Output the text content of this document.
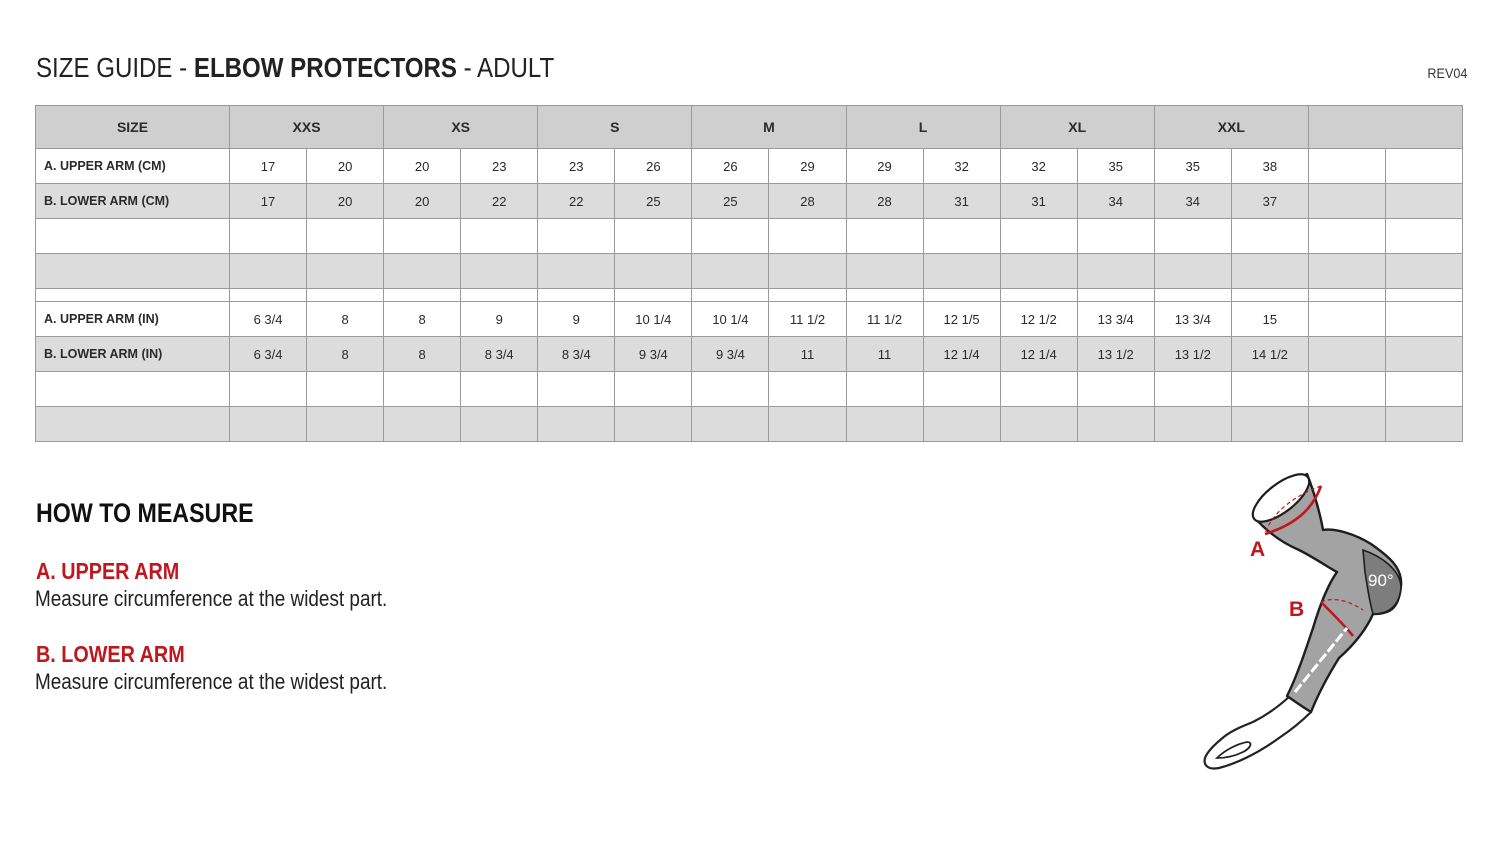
SIZE GUIDE - ELBOW PROTECTORS - ADULT	REV04
SIZE	XXS		XS		S		M		L		XL		XXL			
A. UPPER ARM (CM)	17	20	20	23	23	26	26	29	29	32	32	35	35	38		
B. LOWER ARM (CM)	17	20	20	22	22	25	25	28	28	31	31	34	34	37		

A. UPPER ARM (IN)	6 3/4	8	8	9	9	10 1/4	10 1/4	11 1/2	11 1/2	12 1/5	12 1/2	13 3/4	13 3/4	15		
B. LOWER ARM (IN)	6 3/4	8	8	8 3/4	8 3/4	9 3/4	9 3/4	11	11	12 1/4	12 1/4	13 1/2	13 1/2	14 1/2		

HOW TO MEASURE
A. UPPER ARM
Measure circumference at the widest part.
B. LOWER ARM
Measure circumference at the widest part.
A
B
90°
